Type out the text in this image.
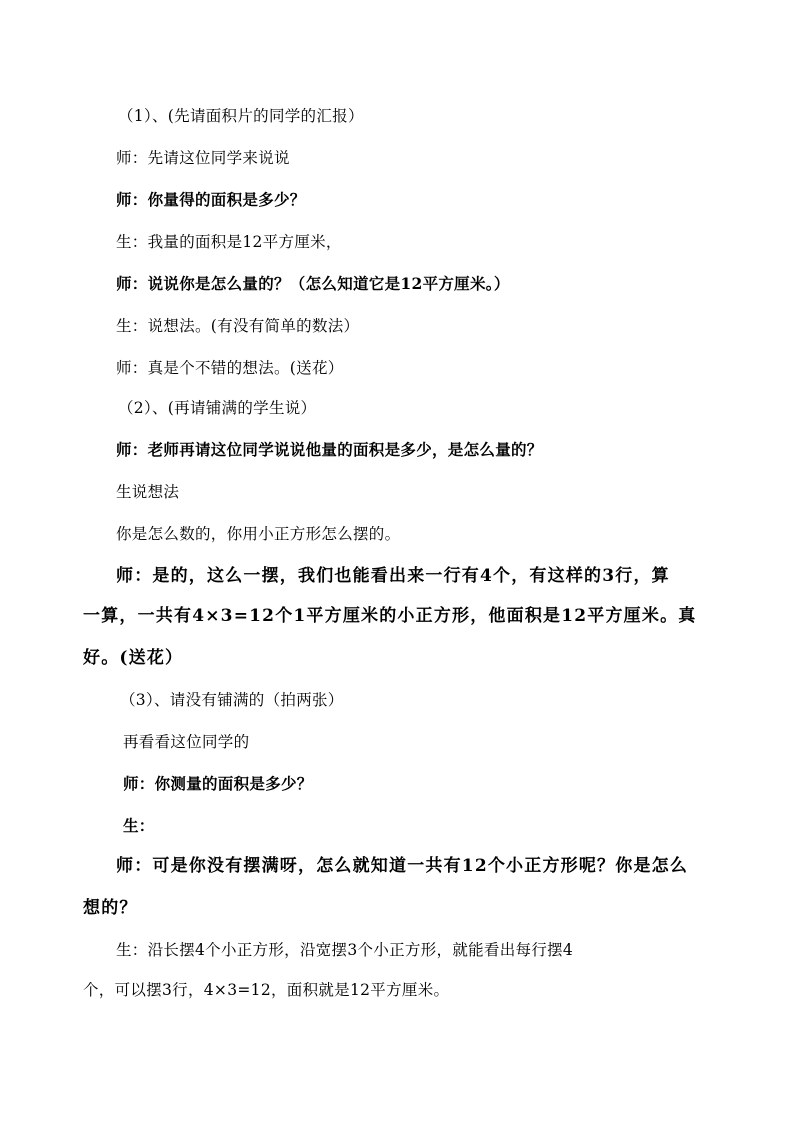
（1）、(先请面积片的同学的汇报）
师：先请这位同学来说说
师：你量得的面积是多少？
生：我量的面积是12平方厘米，
师：说说你是怎么量的？（怎么知道它是12平方厘米。）
生：说想法。(有没有简单的数法）
师：真是个不错的想法。(送花）
（2）、(再请铺满的学生说）
师：老师再请这位同学说说他量的面积是多少，是怎么量的？
生说想法
你是怎么数的，你用小正方形怎么摆的。
师：是的，这么一摆，我们也能看出来一行有4个，有这样的3行，算
一算，一共有4×3=12个1平方厘米的小正方形，他面积是12平方厘米。真
好。(送花）
（3）、请没有铺满的（拍两张）
再看看这位同学的
师：你测量的面积是多少？
生：
师：可是你没有摆满呀，怎么就知道一共有12个小正方形呢？你是怎么
想的？
生：沿长摆4个小正方形，沿宽摆3个小正方形，就能看出每行摆4
个，可以摆3行，4×3=12，面积就是12平方厘米。
